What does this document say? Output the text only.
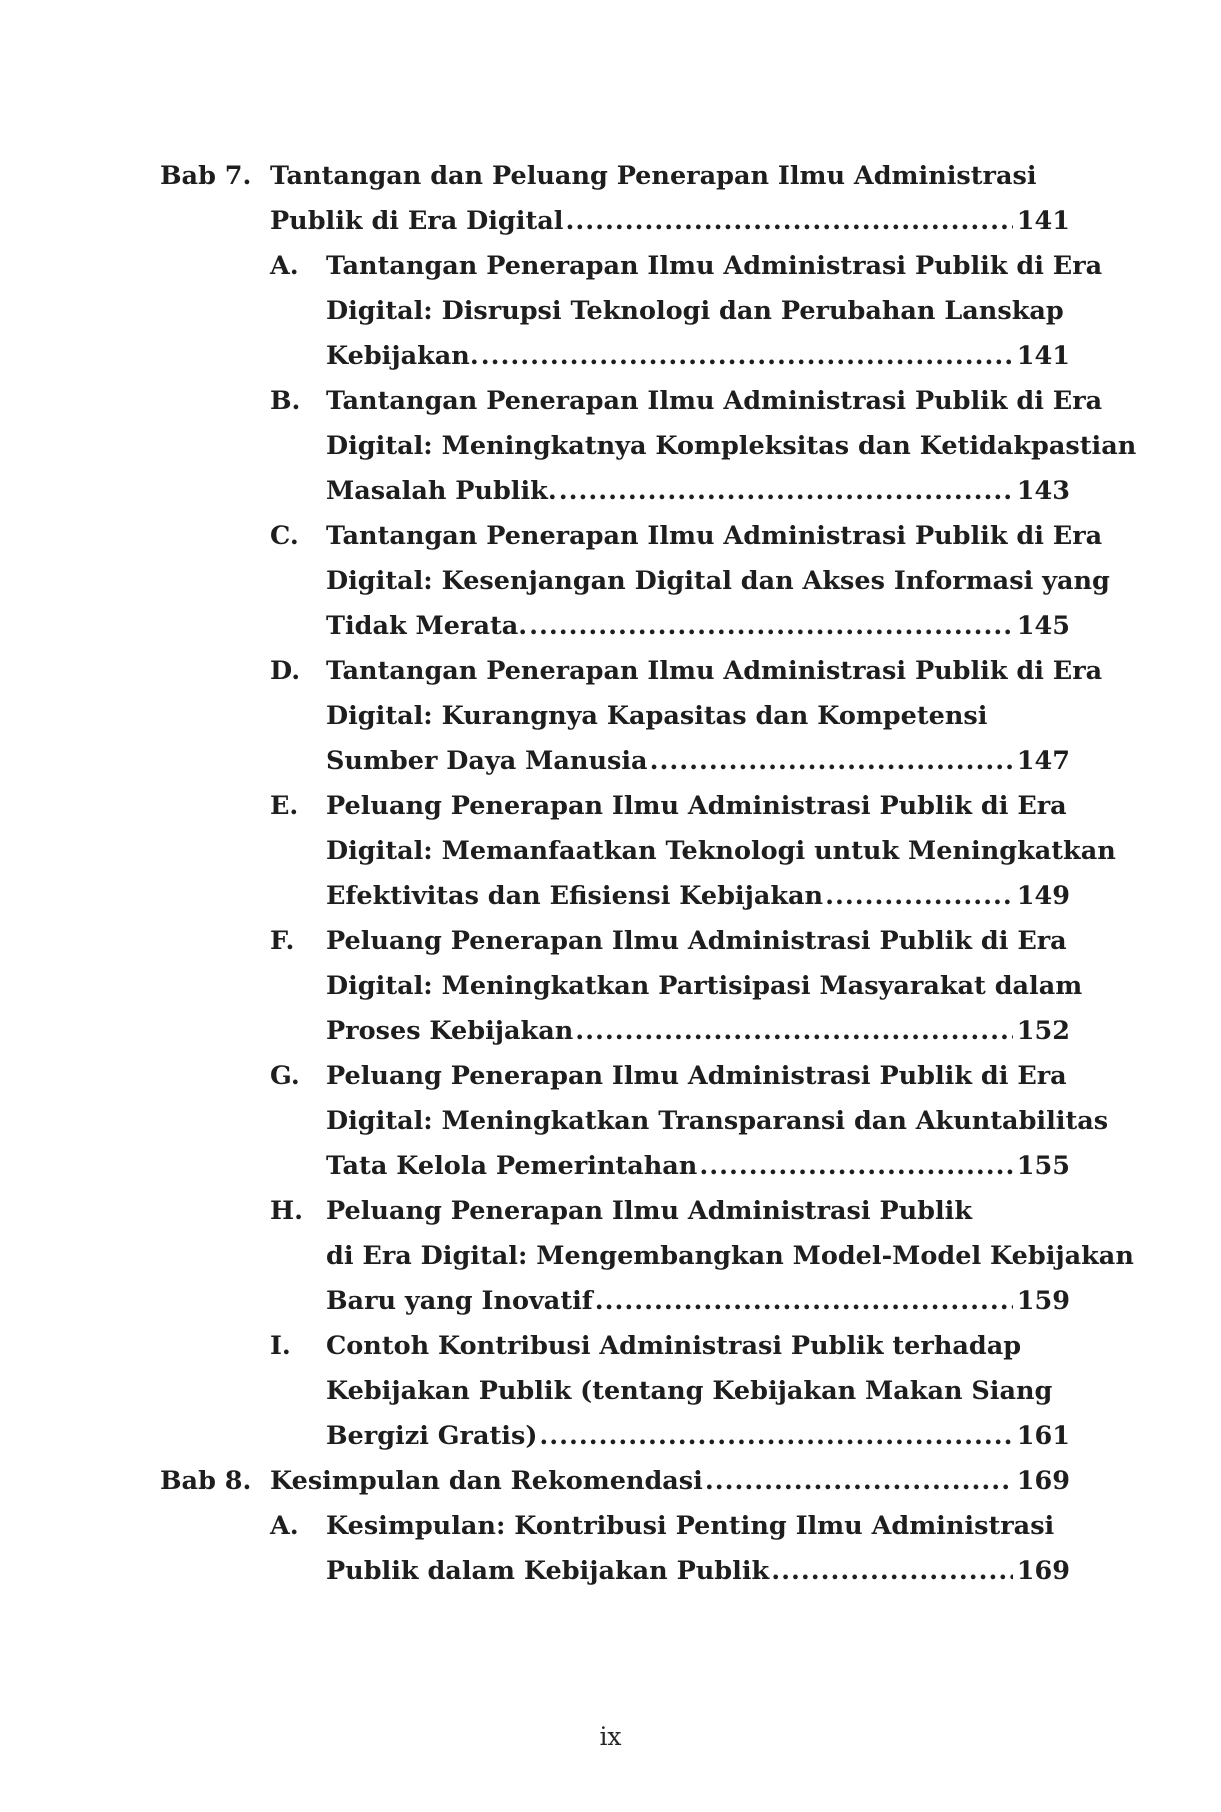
Bab 7. Tantangan dan Peluang Penerapan Ilmu Administrasi
Publik di Era Digital .....	141
A. Tantangan Penerapan Ilmu Administrasi Publik di Era
Digital: Disrupsi Teknologi dan Perubahan Lanskap
Kebijakan. .....	141
B. Tantangan Penerapan Ilmu Administrasi Publik di Era
Digital: Meningkatnya Kompleksitas dan Ketidakpastian
Masalah Publik. .....	143
C. Tantangan Penerapan Ilmu Administrasi Publik di Era
Digital: Kesenjangan Digital dan Akses Informasi yang
Tidak Merata. .....	145
D. Tantangan Penerapan Ilmu Administrasi Publik di Era
Digital: Kurangnya Kapasitas dan Kompetensi
Sumber Daya Manusia .....	147
E. Peluang Penerapan Ilmu Administrasi Publik di Era
Digital: Memanfaatkan Teknologi untuk Meningkatkan
Efektivitas dan Efisiensi Kebijakan .....	149
F. Peluang Penerapan Ilmu Administrasi Publik di Era
Digital: Meningkatkan Partisipasi Masyarakat dalam
Proses Kebijakan .....	152
G. Peluang Penerapan Ilmu Administrasi Publik di Era
Digital: Meningkatkan Transparansi dan Akuntabilitas
Tata Kelola Pemerintahan .....	155
H. Peluang Penerapan Ilmu Administrasi Publik
di Era Digital: Mengembangkan Model-Model Kebijakan
Baru yang Inovatif .....	159
I. Contoh Kontribusi Administrasi Publik terhadap
Kebijakan Publik (tentang Kebijakan Makan Siang
Bergizi Gratis) .....	161
Bab 8. Kesimpulan dan Rekomendasi .....	169
A. Kesimpulan: Kontribusi Penting Ilmu Administrasi
Publik dalam Kebijakan Publik .....	169
ix
